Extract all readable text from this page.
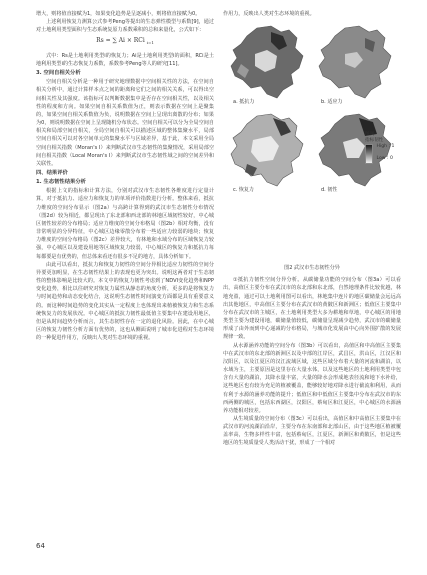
增大，则将值直接赋为1，如果变化趋势是呈逐减小，则将值直接赋为0。

上述利用恢复力测算公式参考Peng等提出的生态弹性模型与系数[9]，通过对土地利用类型面积与生态系统复原力系数乘积的总和来量化，公式如下：

Rs = ∑ Ai × RCi $_{i=1}$

式中：Rs是土地利用类型i的恢复力；Ai是土地利用类型i的面积，RCi是土地利用类型i的生态恢复力系数，系数参考Peng等人的研究[11]。

3. 空间自相关分析

空间自相关分析是一种用于研究地理数据中空间相关性的方法，在空间自相关分析中，通过计算样本点之间的距离和它们之间的相关关系，可以得出空间相关性及其强度。该指标可以判断数据集中是否存在空间相关性，以及相关性的程度和方向。如果空间自相关系数值为正，则表示数据在空间上是聚集的，如果空间自相关系数值为负，说明数据在空间上呈现出离散的分布；如果为0，则说明数据在空间上呈现随机分布状态。空间自相关可以分为全局空间自相关和局部空间自相关，全局空间自相关可以描述区域的整体集聚水平，局部空间自相关可以对各空间单元的集聚水平与区域差异，基于此，本文采用全局空间自相关指数（Moran's I）来判断武汉市生态韧性的集聚情况，采用局部空间自相关指数（Local Moran's I）来判断武汉市生态韧性域之间的空间差异和关联性。

四、结果评价

1. 生态韧性结果分析

根据上文的指标和计算方法，分别对武汉市生态韧性各维度进行定量计算，对于抵抗力、适应力和恢复力的单项评价指数进行分析。整体来看，抵抗力维度的空间分布显示（图2a）与高跨计算得到的武汉市生态韧性分布情况（图2d）较为相近，都呈现出了东北部和西北部的林地区域韧性较好，中心城区韧性较差的分布格局；适应力维度的空间分布格局（图2b）相对均衡，没有非常明显的分异特征，中心城区边缘零散分布着一些适应力较弱的地块；恢复力维度的空间分布格局（图2c）差异较大，有林地和水域分布的区域恢复力较强，中心城区以及建设用地等区域恢复力较弱，中心城区的恢复力和抵抗力每每都要是有优势的，但总体来看还有很多不足的地方，具体分析如下。

由此可以看出，抵抗力和恢复力韧性的空间分异相比适应力韧性的空间分异要更加明显，在生态韧性结果上的表现也更为突出。说明这两者对于生态韧性的整体影响是比较大的。本文中的恢复力韧性考虑到了NDVI变化趋势和NPP变化趋势，相比以往研究对恢复力属性从静态的角度分析，更多的是将恢复力与时间趋势和动态变化结合，这说明生态韧性时间演变方面都是具有重要意义的。而这种时间趋势的变化其实从一定程度上也体现出来植被恢复力和生态系统恢复力的发展状况。中心城区的抵抗力韧性最低值主要集中在建设用地区，但是从时间趋势分析而言，其生态韧性存在一定的退化风险。因此，在中心城区的恢复力韧性分析方面有优势的，这也从侧面说明了城市化进程对生态环境的一种促进作用方，反映出人类对生态环境的重视。

作用力，反映出人类对生态环境的重视。

a. 抵抗力	b. 适应力
c. 恢复力	d. 韧性
图例
指标韧性
High : 1

Low : 0
图2 武汉市生态韧性分异

①抵抗力韧性空间分异分析。从碳储量功能的空间分布（图3a）可以看出，高值区主要分布在武汉市的东北部和东北部，自然地理条件比较优越，林地充盈，通过可以土地利用图可以看出，林地集中连片的地区碳储量会远远高出其他地区，中高值区主要分布在武汉市的黄陂区和新洲区；低值区主要集中分布在武汉市的主城区，在土地利用类型大多为耕地和草地，中心城区的用地类型主要为建设用地，碳储量值较低，碳储量呈现减少趋势，武汉市的碳储量形成了由外而到中心递减的分布格局，与城市化发展由中心向外围扩散的发展规律一致。

从水源涵养功能的空间分布（图3b）可以看出，高值区和中高值区主要集中在武汉市的东北部的新洲区以及中部的江岸区，武昌区，洪山区，江汉区和汉阳区，以及江夏区的汉江流域区域，这些区域分布着大量的河流和湖泊，以水域为主，主要原因是这里存在大量水体，以及这些地区的土地利用类型中包含有大量的湖泊，其降水量丰富，大量的降水会形成地表径流和地下水补给，这些地区也有较为充足的植被覆盖，能够较好地对降水进行截流和利用，从而有利于水源的涵养功能的提升；低值区和中低值区主要集中分布在武汉市的东西两侧的城区，包括东西湖区，汉阳区，蔡甸区和江夏区，中心城区的水源涵养功能相对较差。

从生境质量的空间分布（图3c）可以看出，高值区和中高值区主要集中在武汉市的河流湖泊沿岸，主要分布在东南部和北部山区，由于这些地区植被覆盖率高，生物多样性丰富，包括蔡甸区，江夏区，新洲区和黄陂区，但是这些地区的生境质量受人类活动干扰，形成了一个相对

64
